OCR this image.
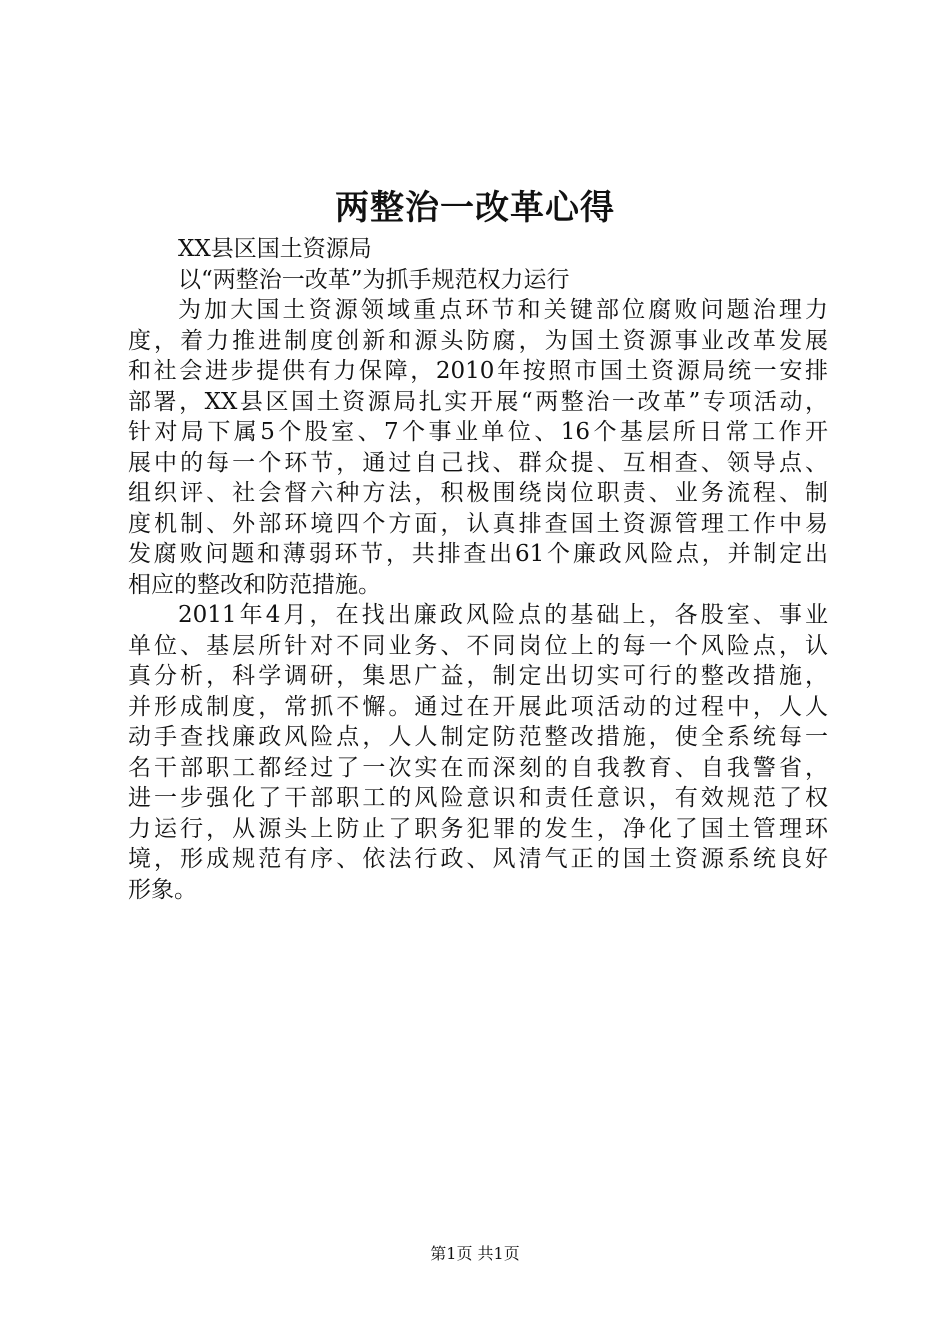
两整治一改革心得
XX县区国土资源局
以“两整治一改革”为抓手规范权力运行
为加大国土资源领域重点环节和关键部位腐败问题治理力
度，着力推进制度创新和源头防腐，为国土资源事业改革发展
和社会进步提供有力保障，2010年按照市国土资源局统一安排
部署，XX县区国土资源局扎实开展“两整治一改革”专项活动，
针对局下属5个股室、7个事业单位、16个基层所日常工作开
展中的每一个环节，通过自己找、群众提、互相查、领导点、
组织评、社会督六种方法，积极围绕岗位职责、业务流程、制
度机制、外部环境四个方面，认真排查国土资源管理工作中易
发腐败问题和薄弱环节，共排查出61个廉政风险点，并制定出
相应的整改和防范措施。
2011年4月，在找出廉政风险点的基础上，各股室、事业
单位、基层所针对不同业务、不同岗位上的每一个风险点，认
真分析，科学调研，集思广益，制定出切实可行的整改措施，
并形成制度，常抓不懈。通过在开展此项活动的过程中，人人
动手查找廉政风险点，人人制定防范整改措施，使全系统每一
名干部职工都经过了一次实在而深刻的自我教育、自我警省，
进一步强化了干部职工的风险意识和责任意识，有效规范了权
力运行，从源头上防止了职务犯罪的发生，净化了国土管理环
境，形成规范有序、依法行政、风清气正的国土资源系统良好
形象。
第1页 共1页
